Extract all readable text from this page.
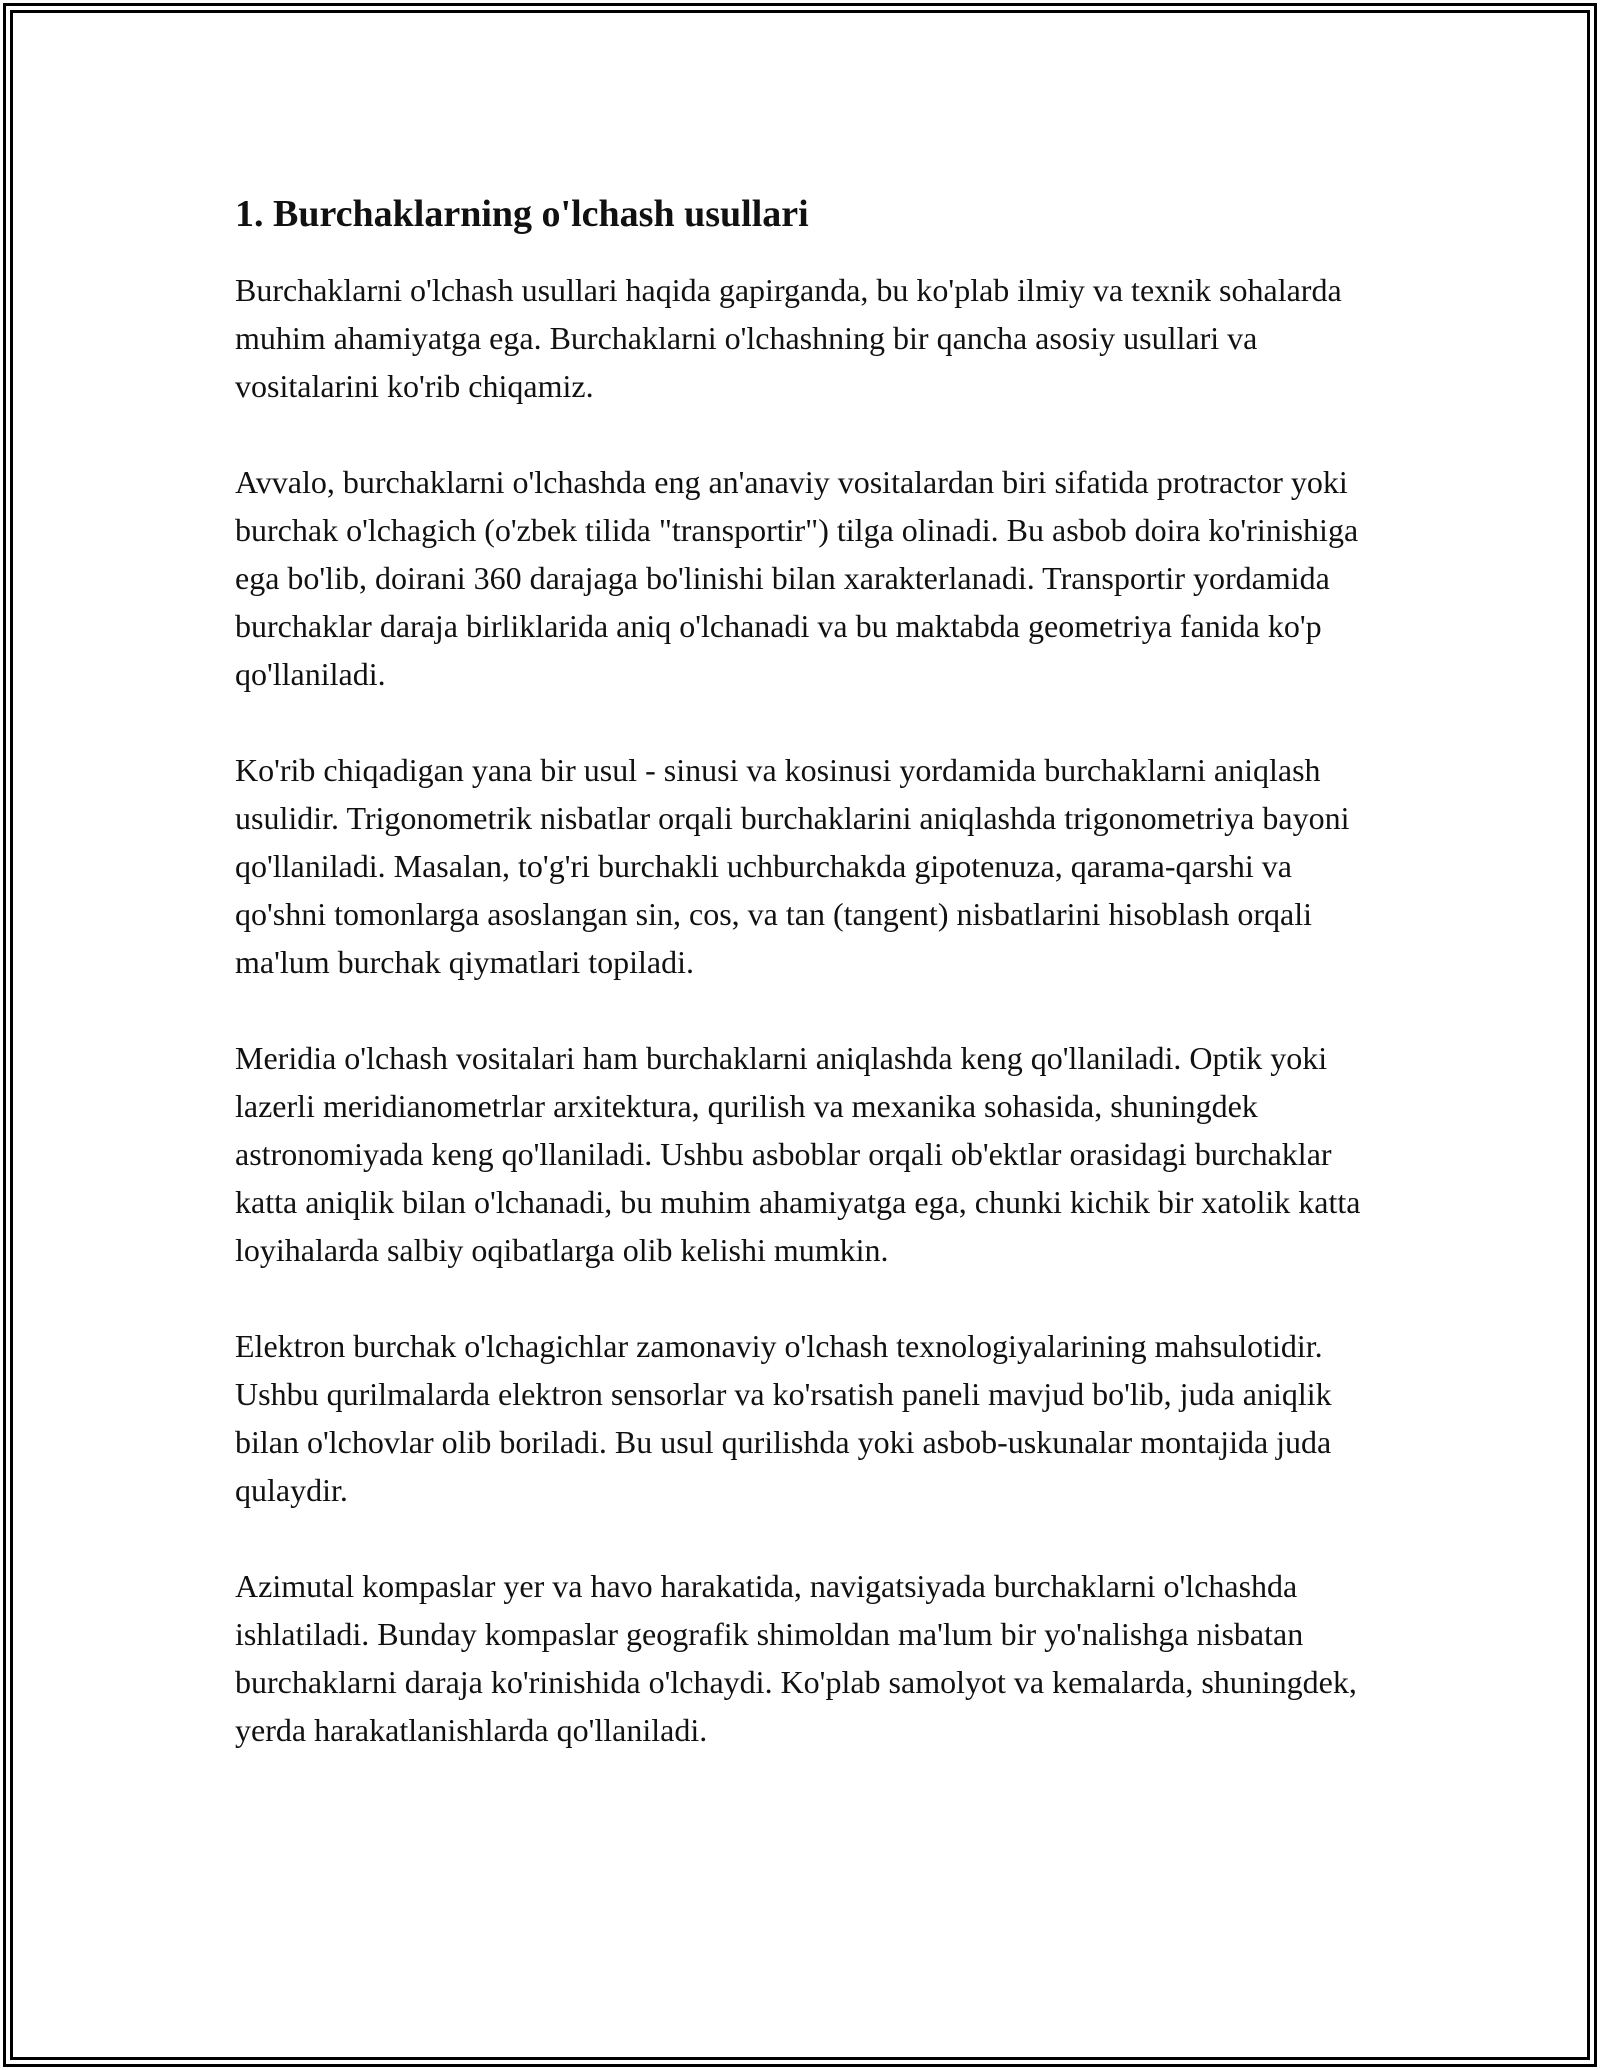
1. Burchaklarning o'lchash usullari

Burchaklarni o'lchash usullari haqida gapirganda, bu ko'plab ilmiy va texnik sohalarda muhim ahamiyatga ega. Burchaklarni o'lchashning bir qancha asosiy usullari va vositalarini ko'rib chiqamiz.

Avvalo, burchaklarni o'lchashda eng an'anaviy vositalardan biri sifatida protractor yoki burchak o'lchagich (o'zbek tilida "transportir") tilga olinadi. Bu asbob doira ko'rinishiga ega bo'lib, doirani 360 darajaga bo'linishi bilan xarakterlanadi. Transportir yordamida burchaklar daraja birliklarida aniq o'lchanadi va bu maktabda geometriya fanida ko'p qo'llaniladi.

Ko'rib chiqadigan yana bir usul - sinusi va kosinusi yordamida burchaklarni aniqlash usulidir. Trigonometrik nisbatlar orqali burchaklarini aniqlashda trigonometriya bayoni qo'llaniladi. Masalan, to'g'ri burchakli uchburchakda gipotenuza, qarama-qarshi va qo'shni tomonlarga asoslangan sin, cos, va tan (tangent) nisbatlarini hisoblash orqali ma'lum burchak qiymatlari topiladi.

Meridia o'lchash vositalari ham burchaklarni aniqlashda keng qo'llaniladi. Optik yoki lazerli meridianometrlar arxitektura, qurilish va mexanika sohasida, shuningdek astronomiyada keng qo'llaniladi. Ushbu asboblar orqali ob'ektlar orasidagi burchaklar katta aniqlik bilan o'lchanadi, bu muhim ahamiyatga ega, chunki kichik bir xatolik katta loyihalarda salbiy oqibatlarga olib kelishi mumkin.

Elektron burchak o'lchagichlar zamonaviy o'lchash texnologiyalarining mahsulotidir. Ushbu qurilmalarda elektron sensorlar va ko'rsatish paneli mavjud bo'lib, juda aniqlik bilan o'lchovlar olib boriladi. Bu usul qurilishda yoki asbob-uskunalar montajida juda qulaydir.

Azimutal kompaslar yer va havo harakatida, navigatsiyada burchaklarni o'lchashda ishlatiladi. Bunday kompaslar geografik shimoldan ma'lum bir yo'nalishga nisbatan burchaklarni daraja ko'rinishida o'lchaydi. Ko'plab samolyot va kemalarda, shuningdek, yerda harakatlanishlarda qo'llaniladi.
